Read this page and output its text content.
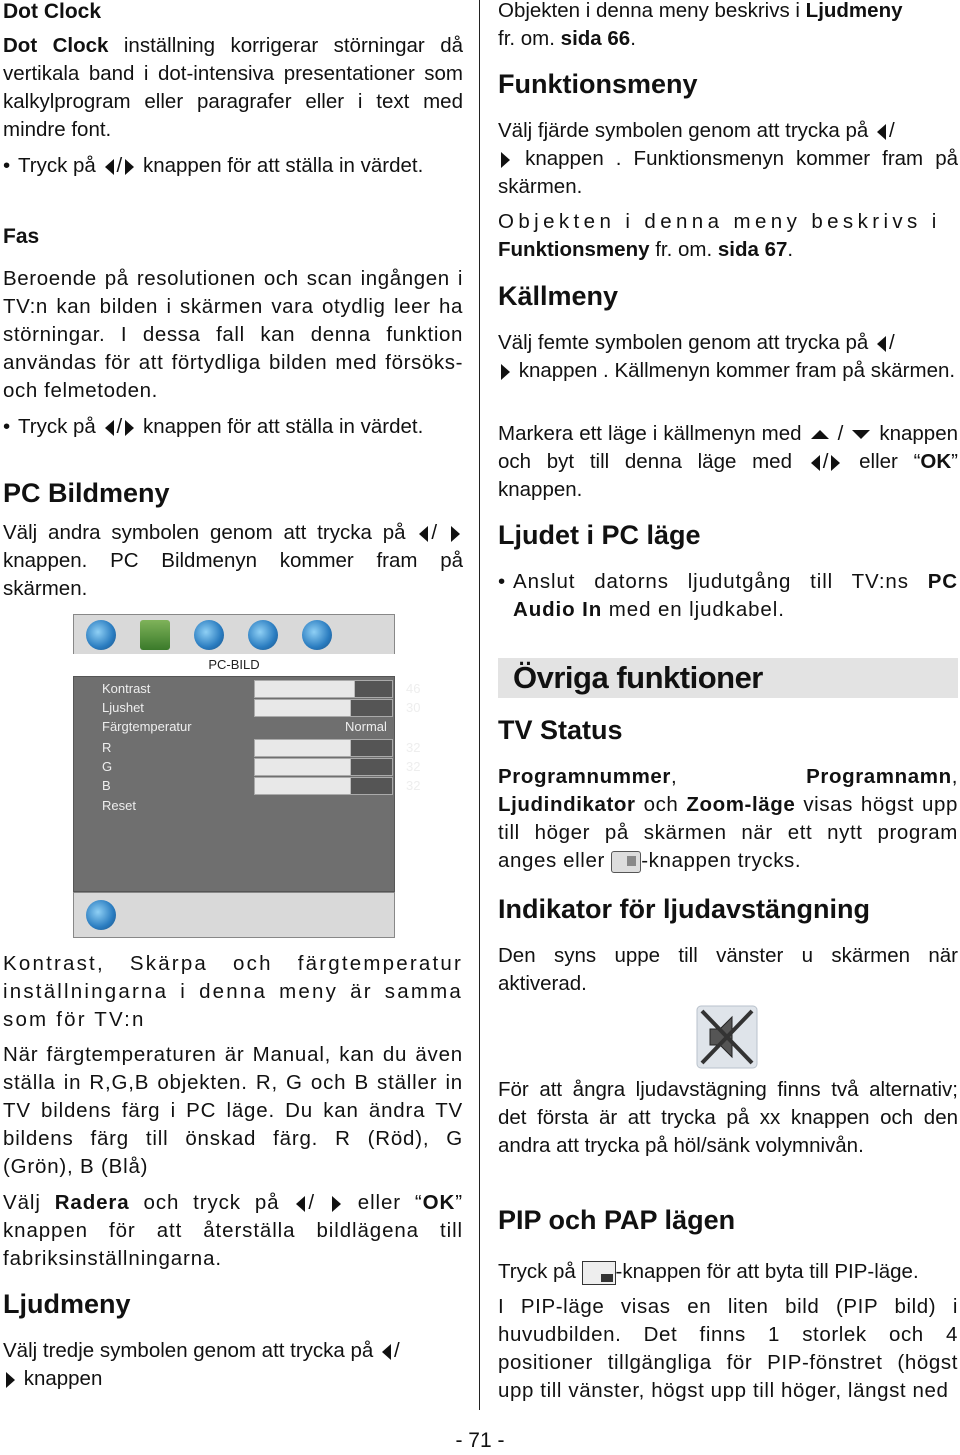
Dot Clock

Dot Clock inställning korrigerar störningar då vertikala band i dot-intensiva presentationer som kalkylprogram eller paragrafer eller i text med mindre font.

• Tryck på / knappen för att ställa in värdet.

Fas

Beroende på resolutionen och scan ingången i TV:n kan bilden i skärmen vara otydlig leer ha störningar. I dessa fall kan denna funktion användas för att förtydliga bilden med försöks- och felmetoden.

• Tryck på / knappen för att ställa in värdet.

PC Bildmeny

Välj andra symbolen genom att trycka på / knappen. PC Bildmenyn kommer fram på skärmen.

PC-BILD
Kontrast	46
Ljushet	30
Färgtemperatur	Normal
R	32
G	32
B	32
Reset

Kontrast, Skärpa och färgtemperatur inställningarna i denna meny är samma som för TV:n

När färgtemperaturen är Manual, kan du även ställa in R,G,B objekten. R, G och B ställer in TV bildens färg i PC läge. Du kan ändra TV bildens färg till önskad färg. R (Röd), G (Grön), B (Blå)

Välj Radera och tryck på /  eller “OK” knappen för att återställa bildlägena till fabriksinställningarna.

Ljudmeny

Välj tredje symbolen genom att trycka på /
knappen

Objekten i denna meny beskrivs i Ljudmeny
fr. om. sida 66.

Funktionsmeny

Välj fjärde symbolen genom att trycka på /
knappen . Funktionsmenyn kommer fram på skärmen.

Objekten i denna meny beskrivs i
Funktionsmeny fr. om. sida 67.

Källmeny

Välj femte symbolen genom att trycka på /
knappen . Källmenyn kommer fram på skärmen.

Markera ett läge i källmenyn med  /  knappen och byt till denna läge med / eller “OK” knappen.

Ljudet i PC läge

• Anslut datorns ljudutgång till TV:ns PC Audio In med en ljudkabel.

Övriga funktioner
TV Status

Programnummer, Programnamn, Ljudindikator och Zoom-läge visas högst upp till höger på skärmen när ett nytt program anges eller -knappen trycks.

Indikator för ljudavstängning

Den syns uppe till vänster u skärmen när aktiverad.

För att ångra ljudavstägning finns två alternativ; det första är att trycka på xx knappen och den andra att trycka på höl/sänk volymnivån.

PIP och PAP lägen

Tryck på -knappen för att byta till PIP-läge.

I PIP-läge visas en liten bild (PIP bild) i huvudbilden. Det finns 1 storlek och 4 positioner tillgängliga för PIP-fönstret (högst upp till vänster, högst upp till höger, längst ned

- 71 -
